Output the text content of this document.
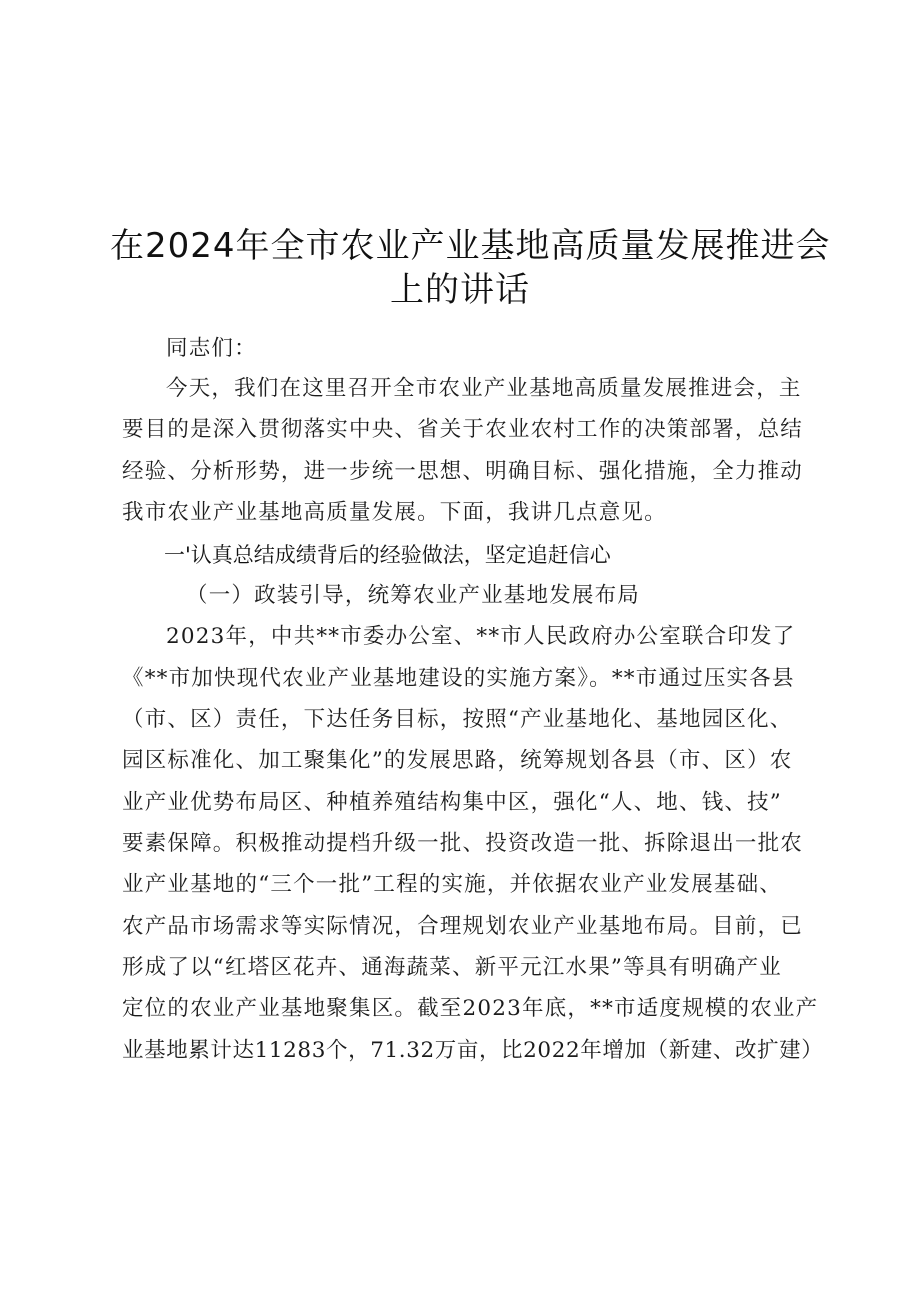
在2024年全市农业产业基地高质量发展推进会
上的讲话
同志们：
今天，我们在这里召开全市农业产业基地高质量发展推进会，主
要目的是深入贯彻落实中央、省关于农业农村工作的决策部署，总结
经验、分析形势，进一步统一思想、明确目标、强化措施，全力推动
我市农业产业基地高质量发展。下面，我讲几点意见。
一'认真总结成绩背后的经验做法，坚定追赶信心
（一）政装引导，统筹农业产业基地发展布局
2023年，中共**市委办公室、**市人民政府办公室联合印发了
《**市加快现代农业产业基地建设的实施方案》。**市通过压实各县
（市、区）责任，下达任务目标，按照“产业基地化、基地园区化、
园区标准化、加工聚集化”的发展思路，统筹规划各县（市、区）农
业产业优势布局区、种植养殖结构集中区，强化“人、地、钱、技”
要素保障。积极推动提档升级一批、投资改造一批、拆除退出一批农
业产业基地的“三个一批”工程的实施，并依据农业产业发展基础、
农产品市场需求等实际情况，合理规划农业产业基地布局。目前，已
形成了以“红塔区花卉、通海蔬菜、新平元江水果”等具有明确产业
定位的农业产业基地聚集区。截至2023年底，**市适度规模的农业产
业基地累计达11283个，71.32万亩，比2022年增加（新建、改扩建）
